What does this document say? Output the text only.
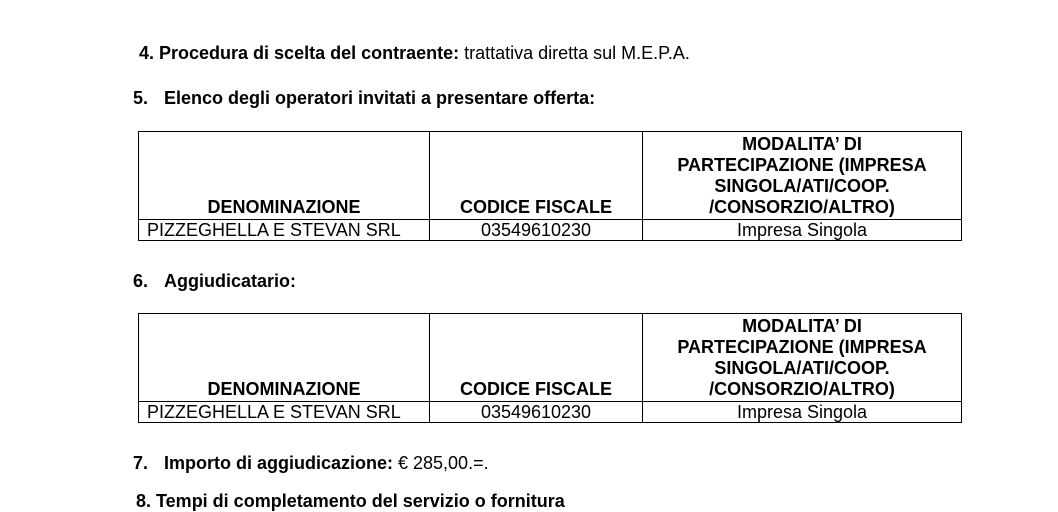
4. Procedura di scelta del contraente: trattativa diretta sul M.E.P.A.
5. Elenco degli operatori invitati a presentare offerta:
DENOMINAZIONE	CODICE FISCALE	MODALITA’ DI
PARTECIPAZIONE (IMPRESA
SINGOLA/ATI/COOP.
/CONSORZIO/ALTRO)
PIZZEGHELLA E STEVAN SRL	03549610230	Impresa Singola
6. Aggiudicatario:
DENOMINAZIONE	CODICE FISCALE	MODALITA’ DI
PARTECIPAZIONE (IMPRESA
SINGOLA/ATI/COOP.
/CONSORZIO/ALTRO)
PIZZEGHELLA E STEVAN SRL	03549610230	Impresa Singola
7. Importo di aggiudicazione: € 285,00.=.
8. Tempi di completamento del servizio o fornitura
